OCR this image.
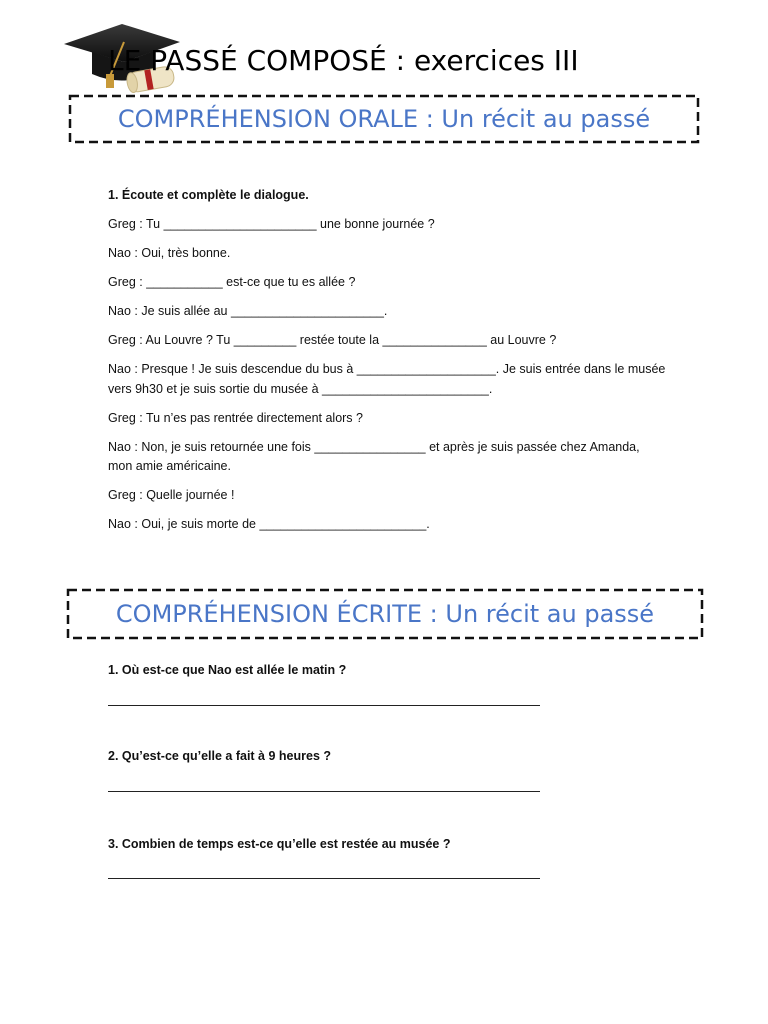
LE PASSÉ COMPOSÉ : exercices III
COMPRÉHENSION ORALE : Un récit au passé

1. Écoute et complète le dialogue.

Greg : Tu ______________________ une bonne journée ?

Nao : Oui, très bonne.

Greg : ___________ est-ce que tu es allée ?

Nao : Je suis allée au ______________________.

Greg : Au Louvre ? Tu _________ restée toute la _______________ au Louvre ?

Nao : Presque ! Je suis descendue du bus à ____________________. Je suis entrée dans le musée

vers 9h30 et je suis sortie du musée à ________________________.

Greg : Tu n’es pas rentrée directement alors ?

Nao : Non, je suis retournée une fois ________________ et après je suis passée chez Amanda,

mon amie américaine.

Greg : Quelle journée !

Nao : Oui, je suis morte de ________________________.

COMPRÉHENSION ÉCRITE : Un récit au passé

1. Où est-ce que Nao est allée le matin ?

2. Qu’est-ce qu’elle a fait à 9 heures ?

3. Combien de temps est-ce qu’elle est restée au musée ?
